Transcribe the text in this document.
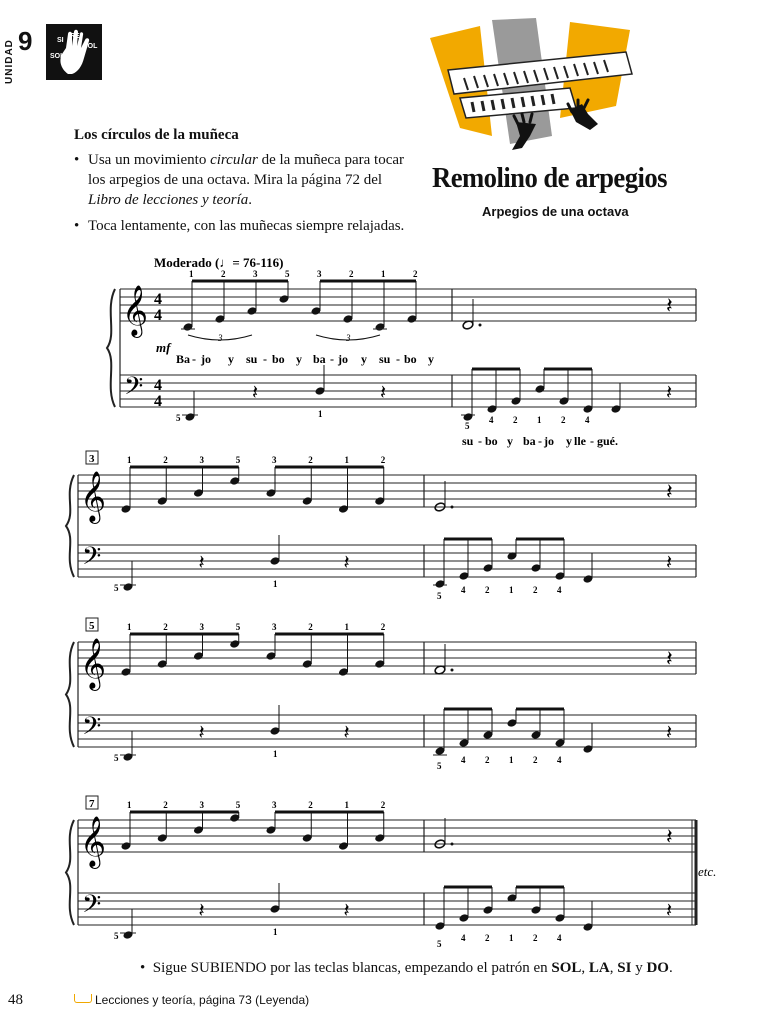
9
UNIDAD	SI
RE
SOL
SOL
Los círculos de la muñeca
• Usa un movimiento circular de la muñeca para tocar los arpegios de una octava. Mira la página 72 del Libro de lecciones y teoría.
• Toca lentamente, con las muñecas siempre relajadas.
Remolino de arpegios
Arpegios de una octava
Moderado (♩= 76-116)
mf
𝄞
𝄢
4
4
4
4
1	2	3	5	3	2	1	2
3	3
𝄽
5
𝄽
1
𝄽
5
4 2 1 2 4
𝄽
𝄞
𝄢
3	1	2	3	5	3	2	1	2
𝄽
5
𝄽
1
𝄽
5
4 2 1 2 4
𝄽
𝄞
𝄢
5	1	2	3	5	3	2	1	2
𝄽
5
𝄽
1
𝄽
5
4 2 1 2 4
𝄽
𝄞
𝄢
7	1	2	3	5	3	2	1	2
𝄽
5
𝄽
1
𝄽
5
4 2 1 2 4
𝄽
Ba - jo y su - bo y ba - jo y su - bo y
su - bo y ba - jo y lle - gué.
etc.
•  Sigue SUBIENDO por las teclas blancas, empezando el patrón en SOL, LA, SI y DO.
48	Lecciones y teoría, página 73 (Leyenda)
